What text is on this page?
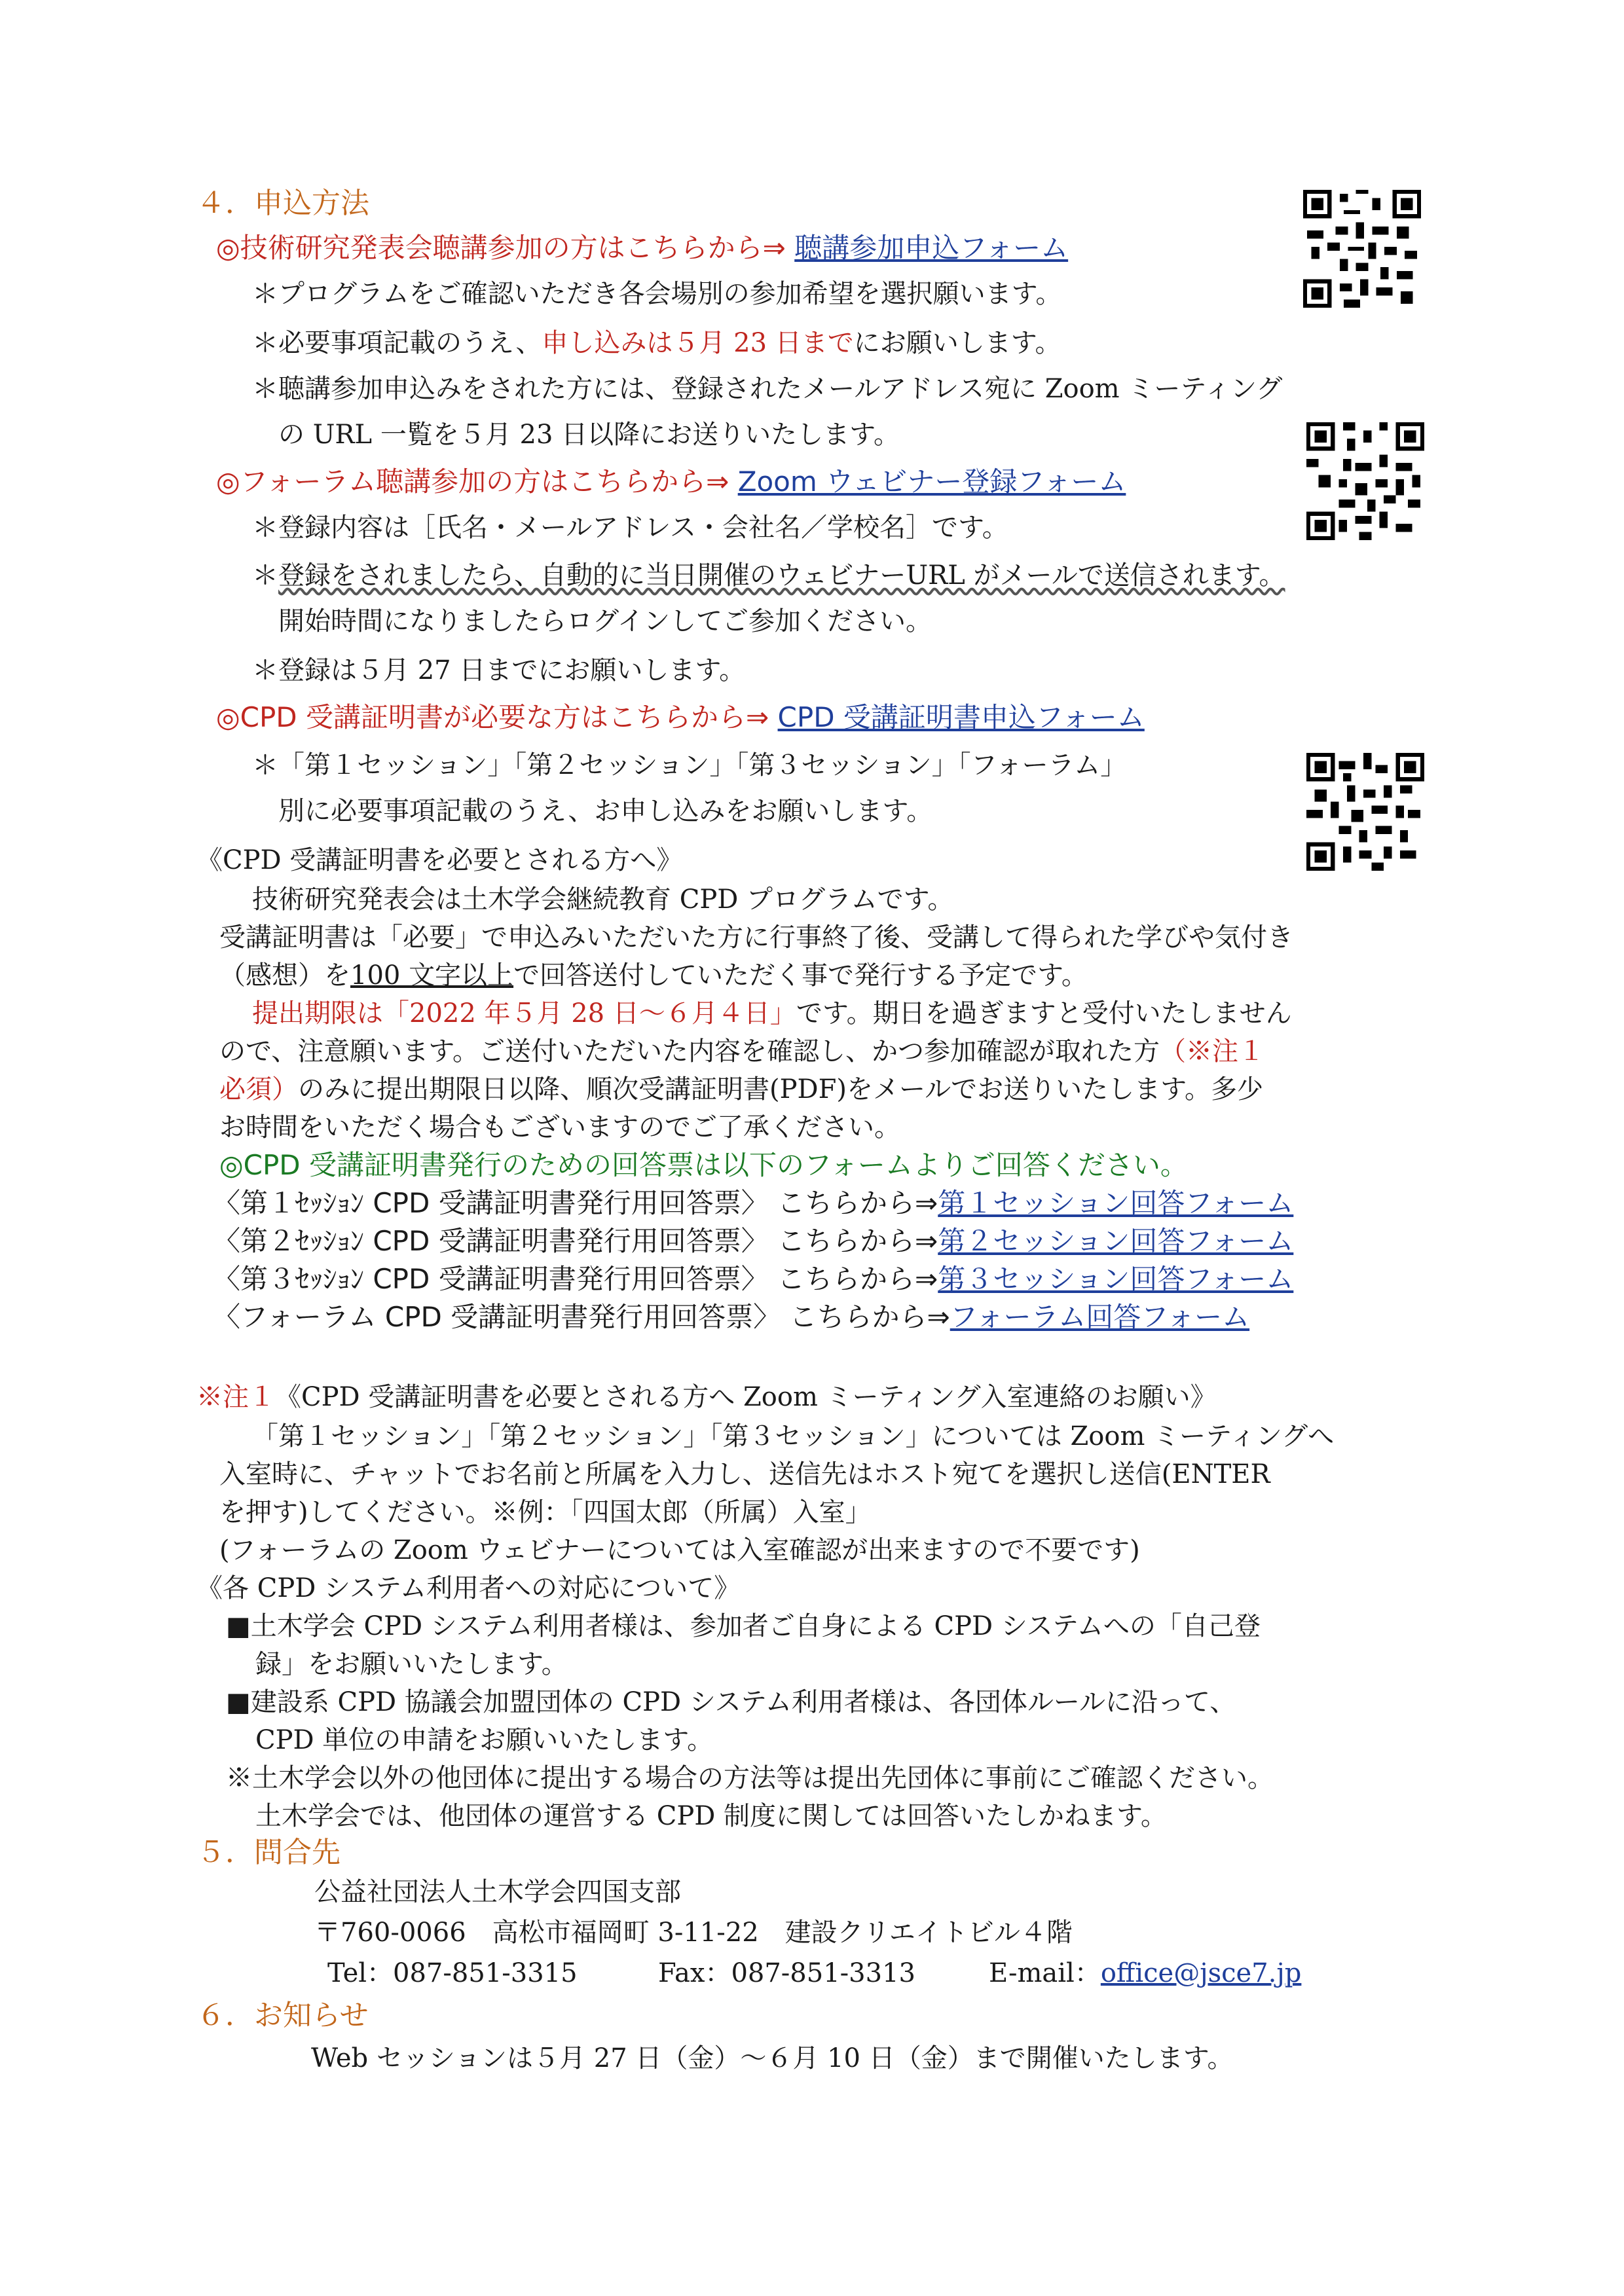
４．申込方法
◎技術研究発表会聴講参加の方はこちらから⇒ 聴講参加申込フォーム
＊プログラムをご確認いただき各会場別の参加希望を選択願います。
＊必要事項記載のうえ、申し込みは５月 23 日までにお願いします。
＊聴講参加申込みをされた方には、登録されたメールアドレス宛に Zoom ミーティング
の URL 一覧を５月 23 日以降にお送りいたします。
◎フォーラム聴講参加の方はこちらから⇒ Zoom ウェビナー登録フォーム
＊登録内容は［氏名・メールアドレス・会社名／学校名］です。
＊登録をされましたら、自動的に当日開催のウェビナーURL がメールで送信されます。
開始時間になりましたらログインしてご参加ください。
＊登録は５月 27 日までにお願いします。
◎CPD 受講証明書が必要な方はこちらから⇒ CPD 受講証明書申込フォーム
＊「第１セッション」「第２セッション」「第３セッション」「フォーラム」
別に必要事項記載のうえ、お申し込みをお願いします。
《CPD 受講証明書を必要とされる方へ》
技術研究発表会は土木学会継続教育 CPD プログラムです。
受講証明書は「必要」で申込みいただいた方に行事終了後、受講して得られた学びや気付き
（感想）を100 文字以上で回答送付していただく事で発行する予定です。
提出期限は「2022 年５月 28 日～６月４日」です。期日を過ぎますと受付いたしません
ので、注意願います。ご送付いただいた内容を確認し、かつ参加確認が取れた方（※注１
必須）のみに提出期限日以降、順次受講証明書(PDF)をメールでお送りいたします。多少
お時間をいただく場合もございますのでご了承ください。
◎CPD 受講証明書発行のための回答票は以下のフォームよりご回答ください。
〈第１ｾｯｼｮﾝ CPD 受講証明書発行用回答票〉 こちらから⇒第１セッション回答フォーム
〈第２ｾｯｼｮﾝ CPD 受講証明書発行用回答票〉 こちらから⇒第２セッション回答フォーム
〈第３ｾｯｼｮﾝ CPD 受講証明書発行用回答票〉 こちらから⇒第３セッション回答フォーム
〈フォーラム CPD 受講証明書発行用回答票〉 こちらから⇒フォーラム回答フォーム
※注１《CPD 受講証明書を必要とされる方へ Zoom ミーティング入室連絡のお願い》
「第１セッション」「第２セッション」「第３セッション」については Zoom ミーティングへ
入室時に、チャットでお名前と所属を入力し、送信先はホスト宛てを選択し送信(ENTER
を押す)してください。※例：「四国太郎（所属）入室」
(フォーラムの Zoom ウェビナーについては入室確認が出来ますので不要です)
《各 CPD システム利用者への対応について》
■土木学会 CPD システム利用者様は、参加者ご自身による CPD システムへの「自己登
録」をお願いいたします。
■建設系 CPD 協議会加盟団体の CPD システム利用者様は、各団体ルールに沿って、
CPD 単位の申請をお願いいたします。
※土木学会以外の他団体に提出する場合の方法等は提出先団体に事前にご確認ください。
土木学会では、他団体の運営する CPD 制度に関しては回答いたしかねます。
５．問合先
公益社団法人土木学会四国支部
〒760-0066　高松市福岡町 3-11-22　建設クリエイトビル４階
Tel：087-851-3315	Fax：087-851-3313	E-mail：office@jsce7.jp
６．お知らせ
Web セッションは５月 27 日（金）～６月 10 日（金）まで開催いたします。
